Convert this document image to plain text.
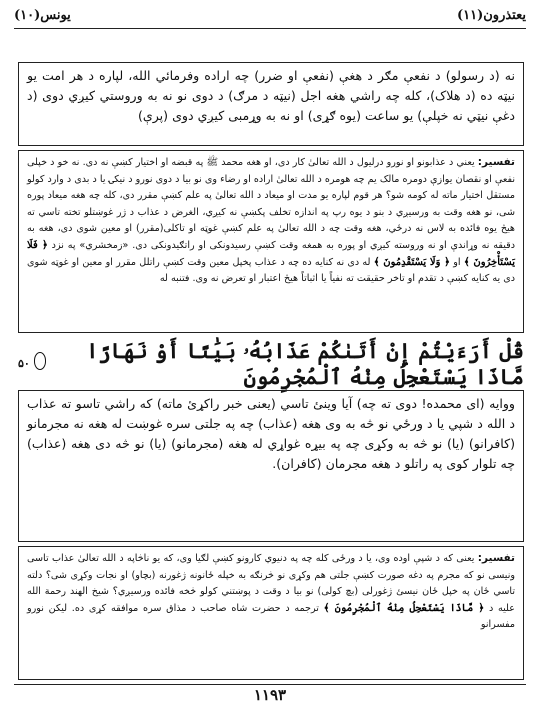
یونس(۱۰)	یعتذرون(۱۱)
نه (د رسولو) د نفعې مګر د هغې (نفعې او ضرر) چه اراده وفرمائي الله، لپاره د هر امت يو نيټه ده (د هلاک)، کله چه راشي هغه اجل (نيټه د مرګ) د دوی نو نه به وروستي کيږي دوی (د دغې نيټي نه خپلې) يو ساعت (يوه ګړی) او نه به وړمبی کيږي دوی (پرې)
تفسیر: يعني د عذابونو او نورو درليول د الله تعالىٰ کار دی، او هغه محمد ﷺ په قبضه او اختيار کښې نه دی. نه خو د خپلی نفعې او نقصان يوازې دومره مالک يم چه هومره د الله تعالىٰ اراده او رضاء وی نو بيا د دوی نورو د نيکۍ يا د بدی د وارد کولو مستقل اختيار ماته له کومه شو؟ هر قوم لپاره يو مدت او ميعاد د الله تعالىٰ په علم کښې مقرر دی، کله چه هغه ميعاد پوره شی، نو هغه وقت به ورسيږي د بنو د يوه رپ په اندازه تخلف پکښې نه کيږي، الغرض د عذاب د ژر غوښتلو تخته تاسي ته هيڅ يوه فائده به لاس نه درځي، هغه وقت چه د الله تعالىٰ په علم کښې غوټه او تاکلی(مقرر) او معين شوی دی، هغه به دقيقه نه وړاندې او نه وروسته کيږي او پوره به همغه وقت کښې رسيدونکی او راتګيدونکی دی. «زمخشري» په نزد ﴿ فَلَا يَسْتَأْخِرُونَ ﴾ او ﴿ وَلَا يَسْتَقْدِمُونَ ﴾ له دی نه کنايه ده چه د عذاب پخپل معين وقت کښې راتلل مقرر او معين او غوټه شوی دی يه کنايه کښې د تقدم او تاخر حقيقت ته نفياً يا اثباتاً هيڅ اعتبار او تعرض نه وی. فتنبه له
قُلْ أَرَءَيْتُمْ إِنْ أَتَىٰكُمْ عَذَابُهُۥ بَيَٰتًا أَوْ نَهَارًا مَّاذَا يَسْتَعْجِلُ مِنْهُ ٱلْمُجْرِمُونَ
۵۰
ووايه (ای محمده! دوی ته چه) آيا وينئ تاسي (يعنی خبر راکړئ ماته) که راشي تاسو ته عذاب د الله د شپي يا د ورځي نو څه به وی هغه (عذاب) چه په جلتی سره غوښت له هغه نه مجرمانو (کافرانو) (يا) نو څه به وکړی چه په بيړه غواړي له هغه (مجرمانو) (يا) نو څه دی هغه (عذاب) چه تلوار کوی په راتلو د هغه مجرمان (کافران).
تفسیر: يعنی که د شپې اوده وی، يا د ورځی کله چه په دنيوي کارونو کښې لګيا وی، که يو ناڅاپه د الله تعالىٰ عذاب تاسی ونيسی نو که مجرم په دغه صورت کښې جلتی هم وکړی نو څرنګه به خپله ځانونه ژغورنه (بچاو) او نجات وکړی شی؟ دلته تاسي ځان په خپل ځان نيسئ ژغورلی (بچ کولی) نو بيا د وقت د پوښتني کولو څخه فائده ورسيږي؟ شيخ الهند رحمة الله عليه د ﴿ مَّاذَا يَسْتَعْجِلُ مِنْهُ ٱلْمُجْرِمُونَ ﴾ ترجمه د حضرت شاه صاحب د مذاق سره موافقه کړی ده. ليکن نورو مفسرانو
۱۱۹۳
